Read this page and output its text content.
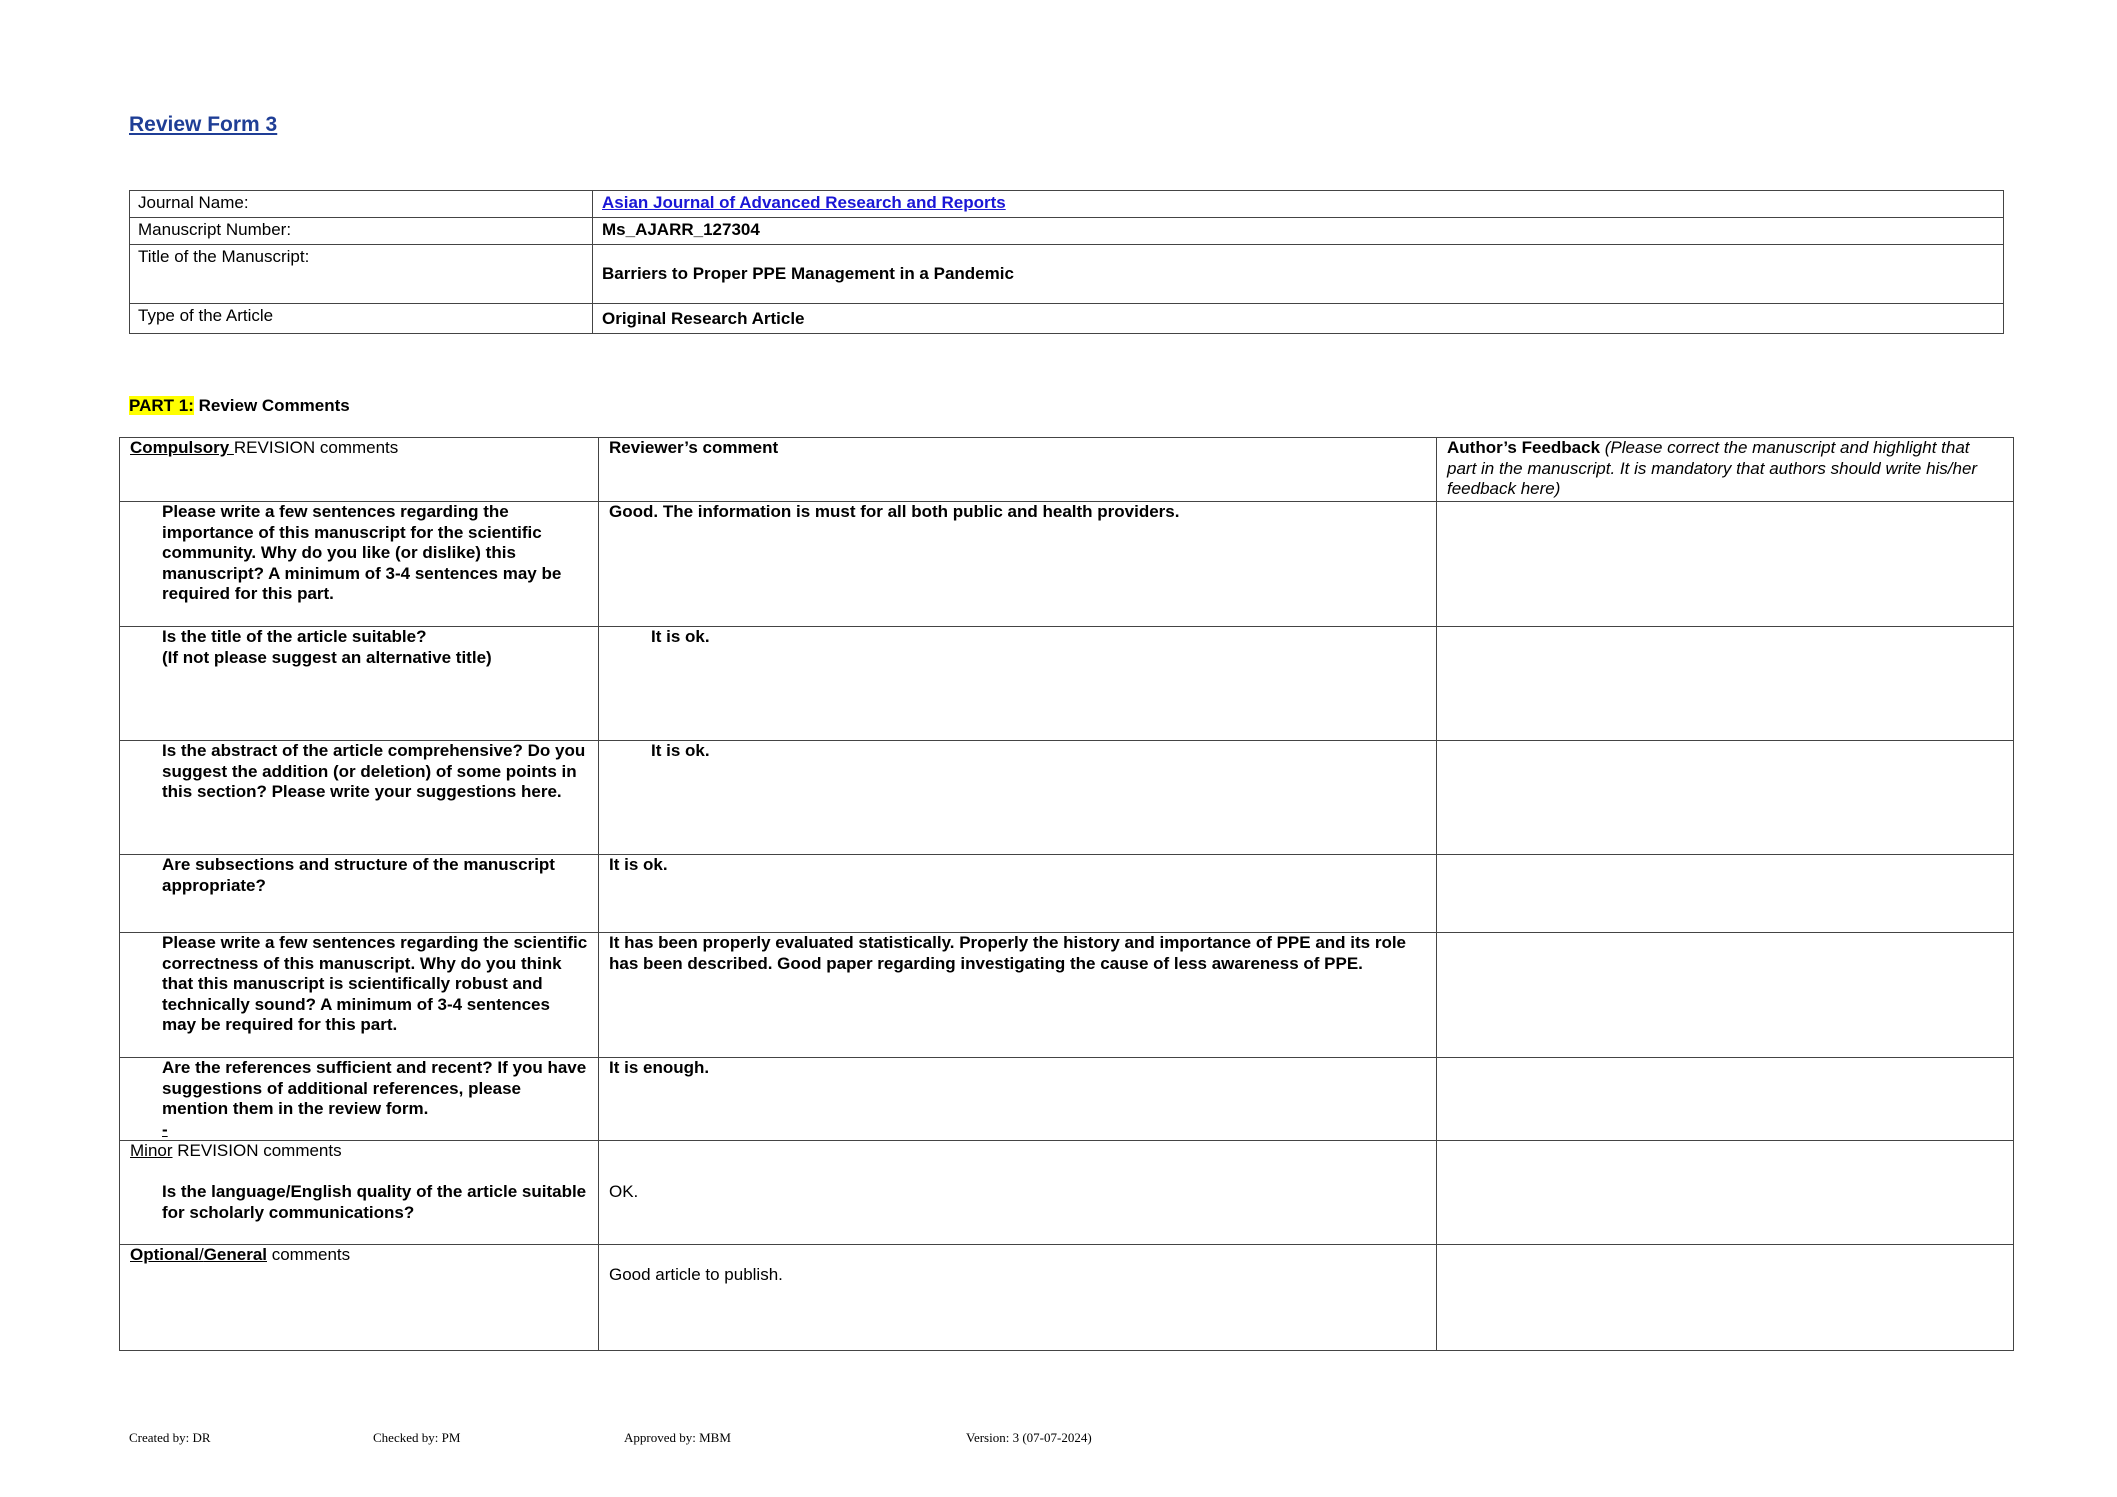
Review Form 3
Journal Name:	Asian Journal of Advanced Research and Reports
Manuscript Number:	Ms_AJARR_127304
Title of the Manuscript:	Barriers to Proper PPE Management in a Pandemic
Type of the Article	Original Research Article
PART 1: Review Comments
Compulsory REVISION comments	Reviewer’s comment	Author’s Feedback (Please correct the manuscript and highlight that part in the manuscript. It is mandatory that authors should write his/her feedback here)
Please write a few sentences regarding the importance of this manuscript for the scientific community. Why do you like (or dislike) this manuscript? A minimum of 3-4 sentences may be required for this part.	Good. The information is must for all both public and health providers.	

Is the title of the article suitable?
(If not please suggest an alternative title)	It is ok.	
Is the abstract of the article comprehensive? Do you suggest the addition (or deletion) of some points in this section? Please write your suggestions here.	It is ok.	
Are subsections and structure of the manuscript appropriate?	It is ok.	
Please write a few sentences regarding the scientific correctness of this manuscript. Why do you think that this manuscript is scientifically robust and technically sound? A minimum of 3-4 sentences may be required for this part.	It has been properly evaluated statistically. Properly the history and importance of PPE and its role has been described. Good paper regarding investigating the cause of less awareness of PPE.	

Are the references sufficient and recent? If you have suggestions of additional references, please mention them in the review form.
-	It is enough.	

Minor REVISION comments
Is the language/English quality of the article suitable for scholarly communications?	OK.	
Optional/General comments	Good article to publish.	
Created by: DR	Checked by: PM	Approved by: MBM	Version: 3 (07-07-2024)
